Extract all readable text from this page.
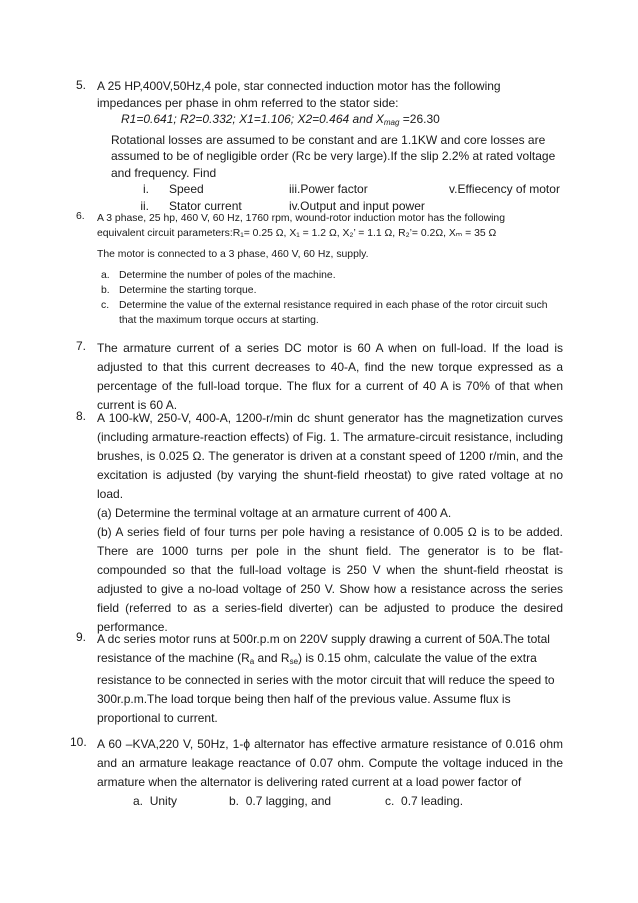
5. A 25 HP,400V,50Hz,4 pole, star connected induction motor has the following
impedances per phase in ohm referred to the stator side:
R1=0.641; R2=0.332; X1=1.106; X2=0.464 and $X_{mag} =26.30$
Rotational losses are assumed to be constant and are 1.1KW and core losses are
assumed to be of negligible order (Rc be very large).If the slip 2.2% at rated voltage
and frequency. Find
i.	Speed	iii.Power factor	v.Effiecency of motor
ii.	Stator current	iv.Output and input power
6. A 3 phase, 25 hp, 460 V, 60 Hz, 1760 rpm, wound-rotor induction motor has the following
equivalent circuit parameters:R₁= 0.25 Ω, X₁ = 1.2 Ω, X₂’ = 1.1 Ω, R₂’= 0.2Ω, Xₘ = 35 Ω
The motor is connected to a 3 phase, 460 V, 60 Hz, supply.
a. Determine the number of poles of the machine.
b. Determine the starting torque.
c. Determine the value of the external resistance required in each phase of the rotor circuit such that the maximum torque occurs at starting.
7. The armature current of a series DC motor is 60 A when on full-load. If the load is adjusted to that this current decreases to 40-A, find the new torque expressed as a percentage of the full-load torque. The flux for a current of 40 A is 70% of that when current is 60 A.
8. A 100-kW, 250-V, 400-A, 1200-r/min dc shunt generator has the magnetization curves (including armature-reaction effects) of Fig. 1. The armature-circuit resistance, including brushes, is 0.025 Ω. The generator is driven at a constant speed of 1200 r/min, and the excitation is adjusted (by varying the shunt-field rheostat) to give rated voltage at no load.
(a) Determine the terminal voltage at an armature current of 400 A.
(b) A series field of four turns per pole having a resistance of 0.005 Ω is to be added. There are 1000 turns per pole in the shunt field. The generator is to be flat-compounded so that the full-load voltage is 250 V when the shunt-field rheostat is adjusted to give a no-load voltage of 250 V. Show how a resistance across the series field (referred to as a series-field diverter) can be adjusted to produce the desired performance.
9. A dc series motor runs at 500r.p.m on 220V supply drawing a current of 50A.The total
resistance of the machine ($R_a$ and $R_{se}$) is 0.15 ohm, calculate the value of the extra
resistance to be connected in series with the motor circuit that will reduce the speed to
300r.p.m.The load torque being then half of the previous value. Assume flux is
proportional to current.
10. A 60 –KVA,220 V, 50Hz, 1-ϕ alternator has effective armature resistance of 0.016 ohm and an armature leakage reactance of 0.07 ohm. Compute the voltage induced in the armature when the alternator is delivering rated current at a load power factor of
a. Unity	b. 0.7 lagging, and	c. 0.7 leading.
